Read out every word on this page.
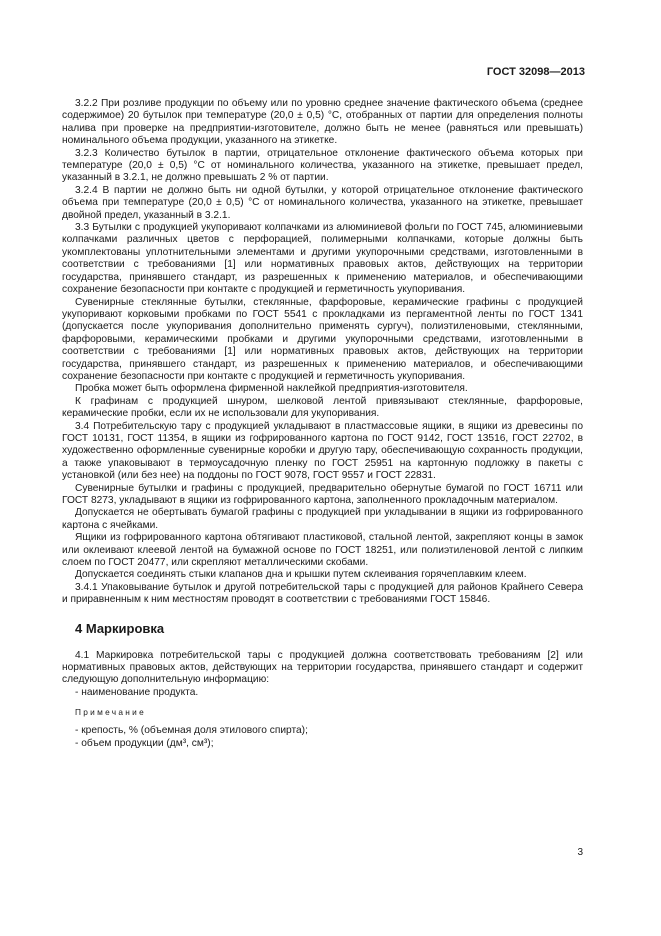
ГОСТ 32098—2013

3.2.2 При розливе продукции по объему или по уровню среднее значение фактического объема (среднее содержимое) 20 бутылок при температуре (20,0 ± 0,5) °С, отобранных от партии для определения полноты налива при проверке на предприятии-изготовителе, должно быть не менее (равняться или превышать) номинального объема продукции, указанного на этикетке.

3.2.3 Количество бутылок в партии, отрицательное отклонение фактического объема которых при температуре (20,0 ± 0,5) °С от номинального количества, указанного на этикетке, превышает предел, указанный в 3.2.1, не должно превышать 2 % от партии.

3.2.4 В партии не должно быть ни одной бутылки, у которой отрицательное отклонение фактического объема при температуре (20,0 ± 0,5) °С от номинального количества, указанного на этикетке, превышает двойной предел, указанный в 3.2.1.

3.3 Бутылки с продукцией укупоривают колпачками из алюминиевой фольги по ГОСТ 745, алюминиевыми колпачками различных цветов с перфорацией, полимерными колпачками, которые должны быть укомплектованы уплотнительными элементами и другими укупорочными средствами, изготовленными в соответствии с требованиями [1] или нормативных правовых актов, действующих на территории государства, принявшего стандарт, из разрешенных к применению материалов, и обеспечивающими сохранение безопасности при контакте с продукцией и герметичность укупоривания.

Сувенирные стеклянные бутылки, стеклянные, фарфоровые, керамические графины с продукцией укупоривают корковыми пробками по ГОСТ 5541 с прокладками из пергаментной ленты по ГОСТ 1341 (допускается после укупоривания дополнительно применять сургуч), полиэтиленовыми, стеклянными, фарфоровыми, керамическими пробками и другими укупорочными средствами, изготовленными в соответствии с требованиями [1] или нормативных правовых актов, действующих на территории государства, принявшего стандарт, из разрешенных к применению материалов, и обеспечивающими сохранение безопасности при контакте с продукцией и герметичность укупоривания.

Пробка может быть оформлена фирменной наклейкой предприятия-изготовителя.

К графинам с продукцией шнуром, шелковой лентой привязывают стеклянные, фарфоровые, керамические пробки, если их не использовали для укупоривания.

3.4 Потребительскую тару с продукцией укладывают в пластмассовые ящики, в ящики из древесины по ГОСТ 10131, ГОСТ 11354, в ящики из гофрированного картона по ГОСТ 9142, ГОСТ 13516, ГОСТ 22702, в художественно оформленные сувенирные коробки и другую тару, обеспечивающую сохранность продукции, а также упаковывают в термоусадочную пленку по ГОСТ 25951 на картонную подложку в пакеты с установкой (или без нее) на поддоны по ГОСТ 9078, ГОСТ 9557 и ГОСТ 22831.

Сувенирные бутылки и графины с продукцией, предварительно обернутые бумагой по ГОСТ 16711 или ГОСТ 8273, укладывают в ящики из гофрированного картона, заполненного прокладочным материалом.

Допускается не обертывать бумагой графины с продукцией при укладывании в ящики из гофрированного картона с ячейками.

Ящики из гофрированного картона обтягивают пластиковой, стальной лентой, закрепляют концы в замок или оклеивают клеевой лентой на бумажной основе по ГОСТ 18251, или полиэтиленовой лентой с липким слоем по ГОСТ 20477, или скрепляют металлическими скобами.

Допускается соединять стыки клапанов дна и крышки путем склеивания горячеплавким клеем.

3.4.1 Упаковывание бутылок и другой потребительской тары с продукцией для районов Крайнего Севера и приравненным к ним местностям проводят в соответствии с требованиями ГОСТ 15846.

4 Маркировка

4.1 Маркировка потребительской тары с продукцией должна соответствовать требованиям [2] или нормативных правовых актов, действующих на территории государства, принявшего стандарт и содержит следующую дополнительную информацию:

- наименование продукта.
Примечание
- крепость, % (объемная доля этилового спирта);
- объем продукции (дм³, см³);
3
